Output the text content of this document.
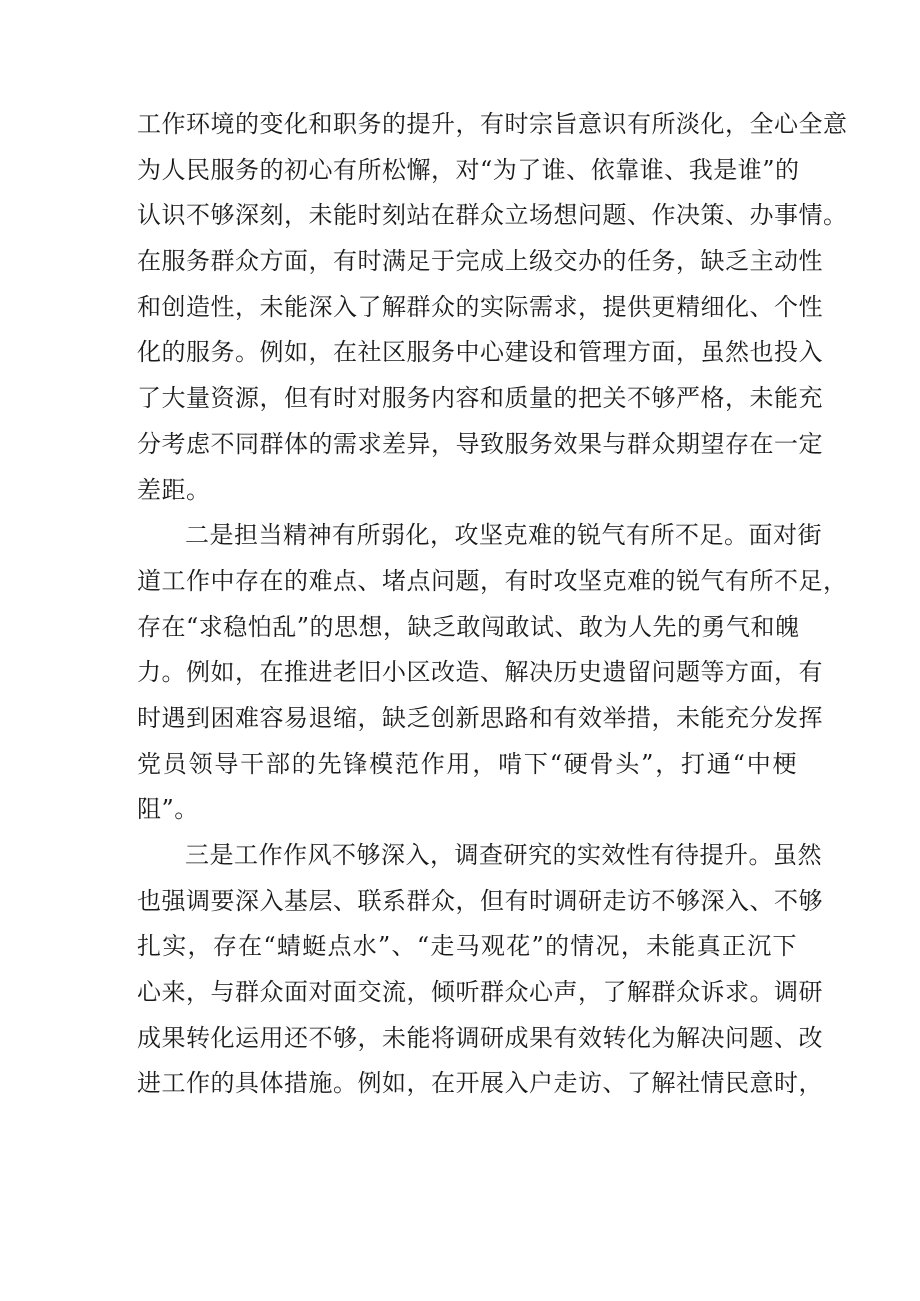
工作环境的变化和职务的提升，有时宗旨意识有所淡化，全心全意
为人民服务的初心有所松懈，对“为了谁、依靠谁、我是谁”的
认识不够深刻，未能时刻站在群众立场想问题、作决策、办事情。
在服务群众方面，有时满足于完成上级交办的任务，缺乏主动性
和创造性，未能深入了解群众的实际需求，提供更精细化、个性
化的服务。例如，在社区服务中心建设和管理方面，虽然也投入
了大量资源，但有时对服务内容和质量的把关不够严格，未能充
分考虑不同群体的需求差异，导致服务效果与群众期望存在一定
差距。
二是担当精神有所弱化，攻坚克难的锐气有所不足。面对街
道工作中存在的难点、堵点问题，有时攻坚克难的锐气有所不足，
存在“求稳怕乱”的思想，缺乏敢闯敢试、敢为人先的勇气和魄
力。例如，在推进老旧小区改造、解决历史遗留问题等方面，有
时遇到困难容易退缩，缺乏创新思路和有效举措，未能充分发挥
党员领导干部的先锋模范作用，啃下“硬骨头”，打通“中梗
阻”。
三是工作作风不够深入，调查研究的实效性有待提升。虽然
也强调要深入基层、联系群众，但有时调研走访不够深入、不够
扎实，存在“蜻蜓点水”、“走马观花”的情况，未能真正沉下
心来，与群众面对面交流，倾听群众心声，了解群众诉求。调研
成果转化运用还不够，未能将调研成果有效转化为解决问题、改
进工作的具体措施。例如，在开展入户走访、了解社情民意时，
